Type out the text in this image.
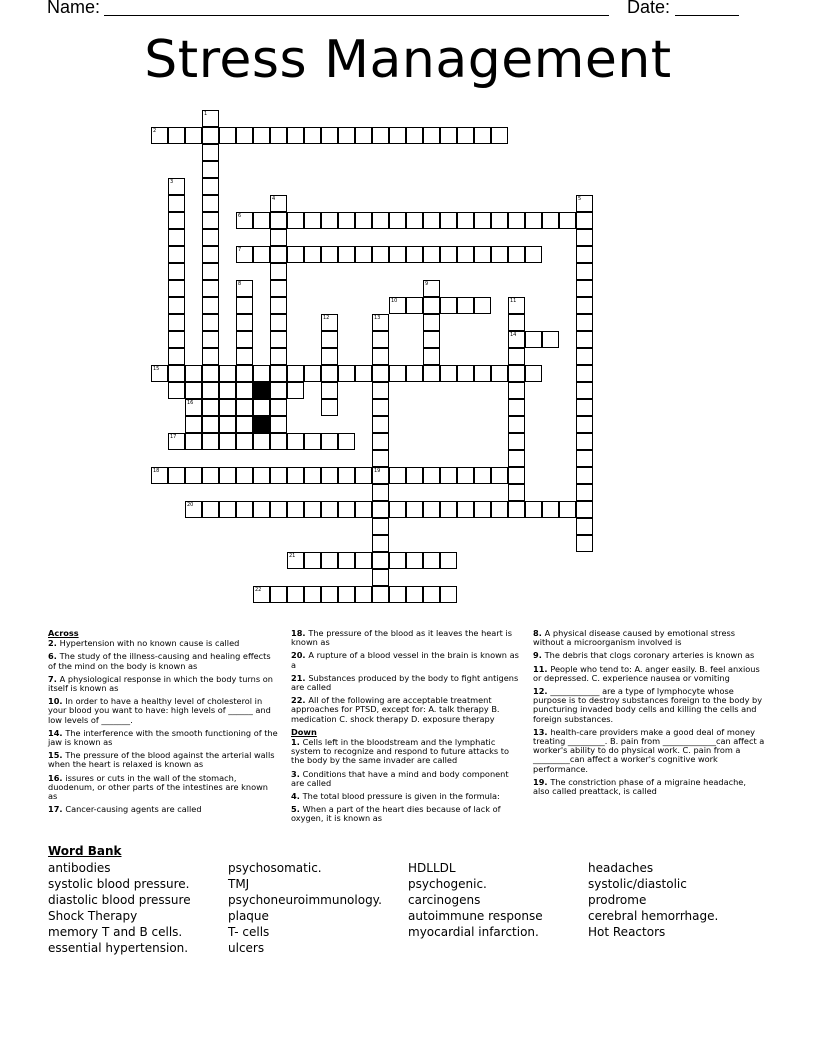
Name:	Date:
Stress Management
1
2
3
4	5
6
7
8	9
10	11
14
12	13
19
15
16
17
18
20
21
22
Across
2. Hypertension with no known cause is called
6. The study of the illness-causing and healing effects of the mind on the body is known as
7. A physiological response in which the body turns on itself is known as
10. In order to have a healthy level of cholesterol in your blood you want to have: high levels of ______ and low levels of _______.
14. The interference with the smooth functioning of the jaw is known as
15. The pressure of the blood against the arterial walls when the heart is relaxed is known as
16. issures or cuts in the wall of the stomach, duodenum, or other parts of the intestines are known as
17. Cancer-causing agents are called
18. The pressure of the blood as it leaves the heart is known as
20. A rupture of a blood vessel in the brain is known as a
21. Substances produced by the body to fight antigens are called
22. All of the following are acceptable treatment approaches for PTSD, except for: A. talk therapy B. medication C. shock therapy D. exposure therapy
Down
1. Cells left in the bloodstream and the lymphatic system to recognize and respond to future attacks to the body by the same invader are called
3. Conditions that have a mind and body component are called
4. The total blood pressure is given in the formula:
5. When a part of the heart dies because of lack of oxygen, it is known as
8. A physical disease caused by emotional stress without a microorganism involved is
9. The debris that clogs coronary arteries is known as
11. People who tend to: A. anger easily. B. feel anxious or depressed. C. experience nausea or vomiting
12. ____________ are a type of lymphocyte whose purpose is to destroy substances foreign to the body by puncturing invaded body cells and killing the cells and foreign substances.
13. health-care providers make a good deal of money treating _________. B. pain from _____________can affect a worker's ability to do physical work. C. pain from a _________can affect a worker's cognitive work performance.
19. The constriction phase of a migraine headache, also called preattack, is called
Word Bank
antibodies
systolic blood pressure.
diastolic blood pressure
Shock Therapy
memory T and B cells.
essential hypertension.
psychosomatic.
TMJ
psychoneuroimmunology.
plaque
T- cells
ulcers
HDLLDL
psychogenic.
carcinogens
autoimmune response
myocardial infarction.
headaches
systolic/diastolic
prodrome
cerebral hemorrhage.
Hot Reactors
